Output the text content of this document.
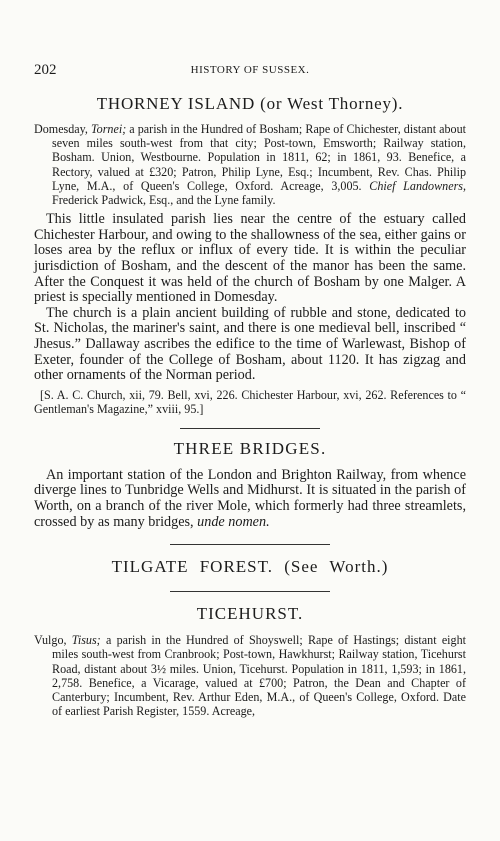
202	HISTORY OF SUSSEX.
THORNEY ISLAND (or West Thorney).

Domesday, Tornei; a parish in the Hundred of Bosham; Rape of Chichester, distant about seven miles south-west from that city; Post-town, Emsworth; Railway station, Bosham. Union, Westbourne. Population in 1811, 62; in 1861, 93. Benefice, a Rectory, valued at £320; Patron, Philip Lyne, Esq.; Incumbent, Rev. Chas. Philip Lyne, M.A., of Queen's College, Oxford. Acreage, 3,005. Chief Landowners, Frederick Padwick, Esq., and the Lyne family.

This little insulated parish lies near the centre of the estuary called Chichester Harbour, and owing to the shallowness of the sea, either gains or loses area by the reflux or influx of every tide. It is within the peculiar jurisdiction of Bosham, and the descent of the manor has been the same. After the Conquest it was held of the church of Bosham by one Malger. A priest is specially mentioned in Domesday.

The church is a plain ancient building of rubble and stone, dedicated to St. Nicholas, the mariner's saint, and there is one medieval bell, inscribed “ Jhesus.” Dallaway ascribes the edifice to the time of Warlewast, Bishop of Exeter, founder of the College of Bosham, about 1120. It has zigzag and other ornaments of the Norman period.

[S. A. C. Church, xii, 79. Bell, xvi, 226. Chichester Harbour, xvi, 262. References to “ Gentleman's Magazine,” xviii, 95.]

THREE BRIDGES.

An important station of the London and Brighton Railway, from whence diverge lines to Tunbridge Wells and Midhurst. It is situated in the parish of Worth, on a branch of the river Mole, which formerly had three streamlets, crossed by as many bridges, unde nomen.

TILGATE FOREST. (See Worth.)
TICEHURST.

Vulgo, Tisus; a parish in the Hundred of Shoyswell; Rape of Hastings; distant eight miles south-west from Cranbrook; Post-town, Hawkhurst; Railway station, Ticehurst Road, distant about 3½ miles. Union, Ticehurst. Population in 1811, 1,593; in 1861, 2,758. Benefice, a Vicarage, valued at £700; Patron, the Dean and Chapter of Canterbury; Incumbent, Rev. Arthur Eden, M.A., of Queen's College, Oxford. Date of earliest Parish Register, 1559. Acreage,
